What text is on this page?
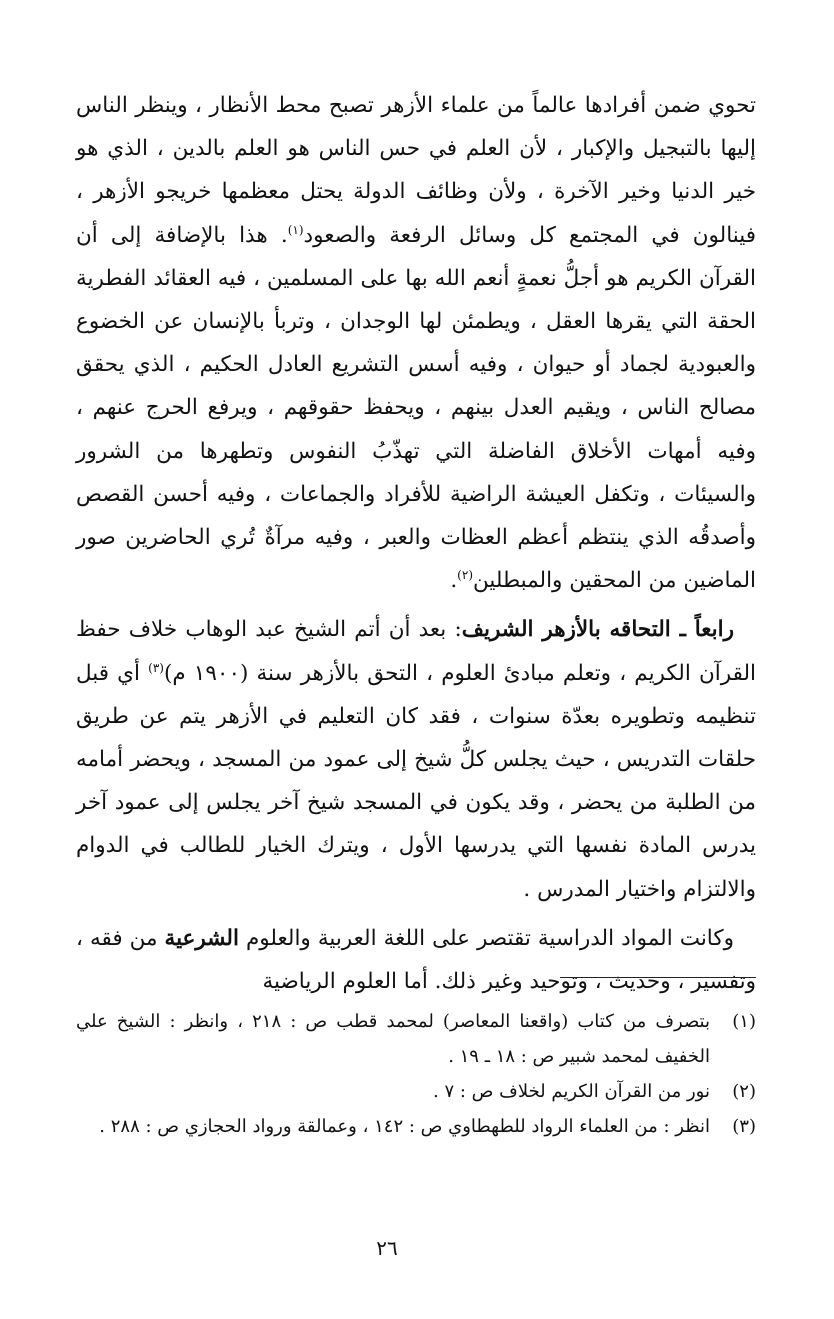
تحوي ضمن أفرادها عالماً من علماء الأزهر تصبح محط الأنظار ، وينظر الناس إليها بالتبجيل والإكبار ، لأن العلم في حس الناس هو العلم بالدين ، الذي هو خير الدنيا وخير الآخرة ، ولأن وظائف الدولة يحتل معظمها خريجو الأزهر ، فينالون في المجتمع كل وسائل الرفعة والصعود$^{(١)}$. هذا بالإضافة إلى أن القرآن الكريم هو أجلُّ نعمةٍ أنعم الله بها على المسلمين ، فيه العقائد الفطرية الحقة التي يقرها العقل ، ويطمئن لها الوجدان ، وتربأ بالإنسان عن الخضوع والعبودية لجماد أو حيوان ، وفيه أسس التشريع العادل الحكيم ، الذي يحقق مصالح الناس ، ويقيم العدل بينهم ، ويحفظ حقوقهم ، ويرفع الحرج عنهم ، وفيه أمهات الأخلاق الفاضلة التي تهذّبُ النفوس وتطهرها من الشرور والسيئات ، وتكفل العيشة الراضية للأفراد والجماعات ، وفيه أحسن القصص وأصدقُه الذي ينتظم أعظم العظات والعبر ، وفيه مرآةٌ تُري الحاضرين صور الماضين من المحقين والمبطلين$^{(٢)}$.

رابعاً ـ التحاقه بالأزهر الشريف: بعد أن أتم الشيخ عبد الوهاب خلاف حفظ القرآن الكريم ، وتعلم مبادئ العلوم ، التحق بالأزهر سنة (١٩٠٠ م)$^{(٣)}$ أي قبل تنظيمه وتطويره بعدّة سنوات ، فقد كان التعليم في الأزهر يتم عن طريق حلقات التدريس ، حيث يجلس كلُّ شيخ إلى عمود من المسجد ، ويحضر أمامه من الطلبة من يحضر ، وقد يكون في المسجد شيخ آخر يجلس إلى عمود آخر يدرس المادة نفسها التي يدرسها الأول ، ويترك الخيار للطالب في الدوام والالتزام واختيار المدرس .

وكانت المواد الدراسية تقتصر على اللغة العربية والعلوم الشرعية من فقه ، وتفسير ، وحديث ، وتوحيد وغير ذلك. أما العلوم الرياضية

(١)
بتصرف من كتاب (واقعنا المعاصر) لمحمد قطب ص : ٢١٨ ، وانظر : الشيخ علي الخفيف لمحمد شبير ص : ١٨ ـ ١٩ .
(٢)
نور من القرآن الكريم لخلاف ص : ٧ .
(٣)
انظر : من العلماء الرواد للطهطاوي ص : ١٤٢ ، وعمالقة ورواد الحجازي ص : ٢٨٨ .
٢٦
